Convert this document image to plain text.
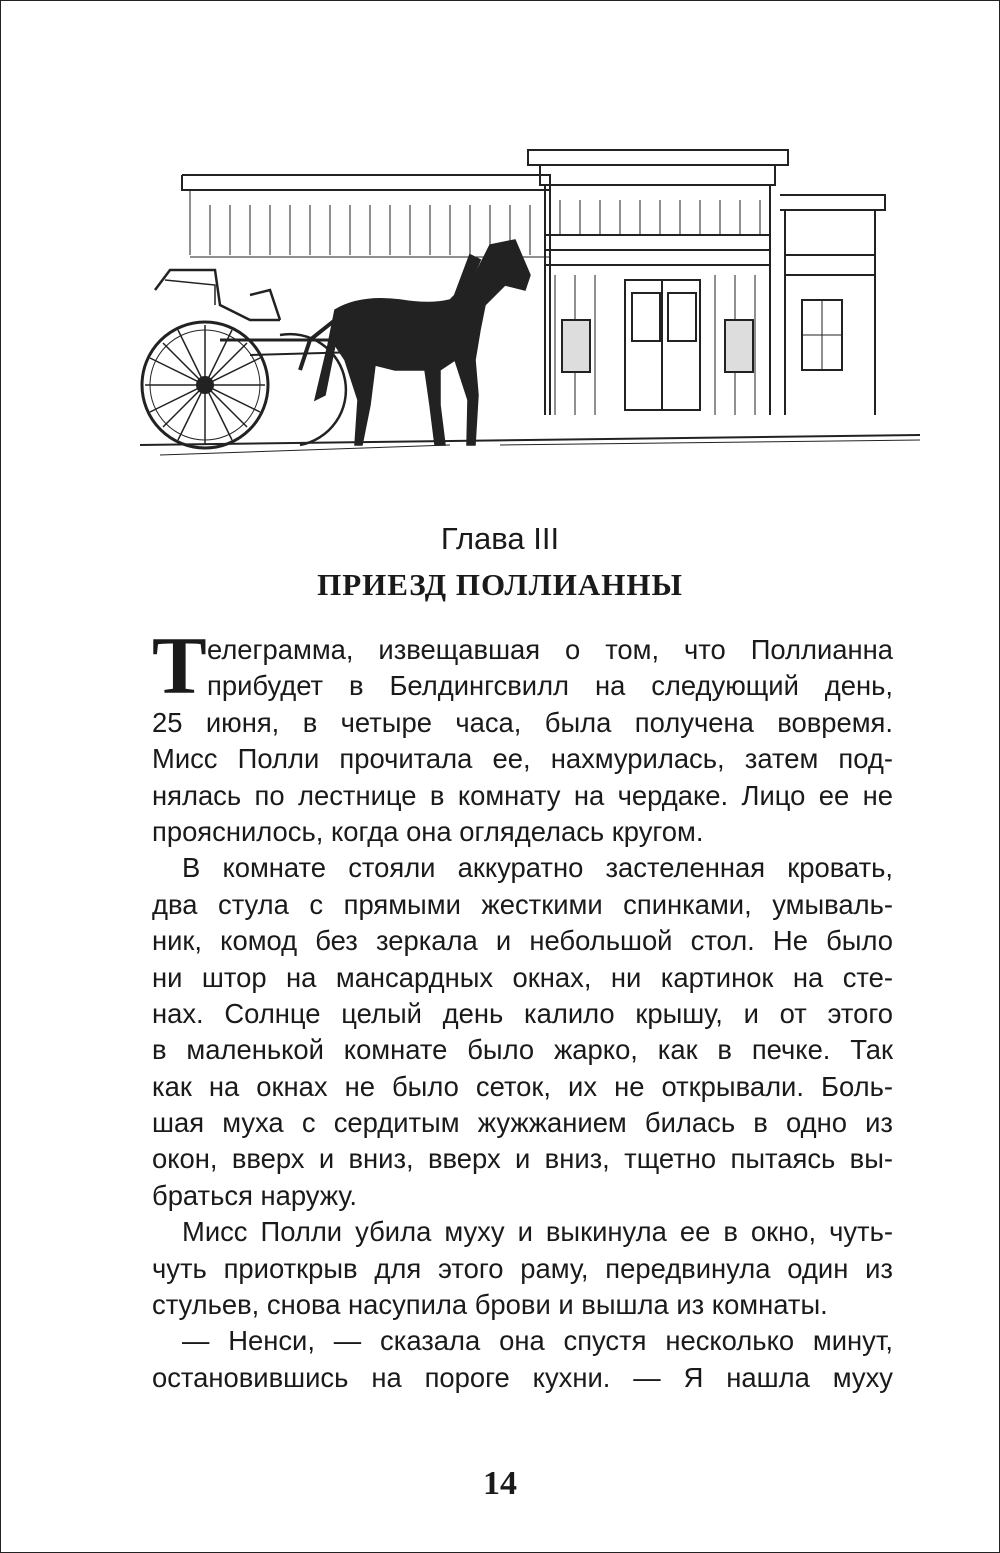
Глава III
ПРИЕЗД ПОЛЛИАННЫ
Т елеграмма, извещавшая о том, что Поллианна
прибудет в Белдингсвилл на следующий день,
25 июня, в четыре часа, была получена вовремя.
Мисс Полли прочитала ее, нахмурилась, затем под-
нялась по лестнице в комнату на чердаке. Лицо ее не
прояснилось, когда она огляделась кругом.
В комнате стояли аккуратно застеленная кровать,
два стула с прямыми жесткими спинками, умываль-
ник, комод без зеркала и небольшой стол. Не было
ни штор на мансардных окнах, ни картинок на сте-
нах. Солнце целый день калило крышу, и от этого
в маленькой комнате было жарко, как в печке. Так
как на окнах не было сеток, их не открывали. Боль-
шая муха с сердитым жужжанием билась в одно из
окон, вверх и вниз, вверх и вниз, тщетно пытаясь вы-
браться наружу.
Мисс Полли убила муху и выкинула ее в окно, чуть-
чуть приоткрыв для этого раму, передвинула один из
стульев, снова насупила брови и вышла из комнаты.
— Ненси, — сказала она спустя несколько минут,
остановившись на пороге кухни. — Я нашла муху
14
